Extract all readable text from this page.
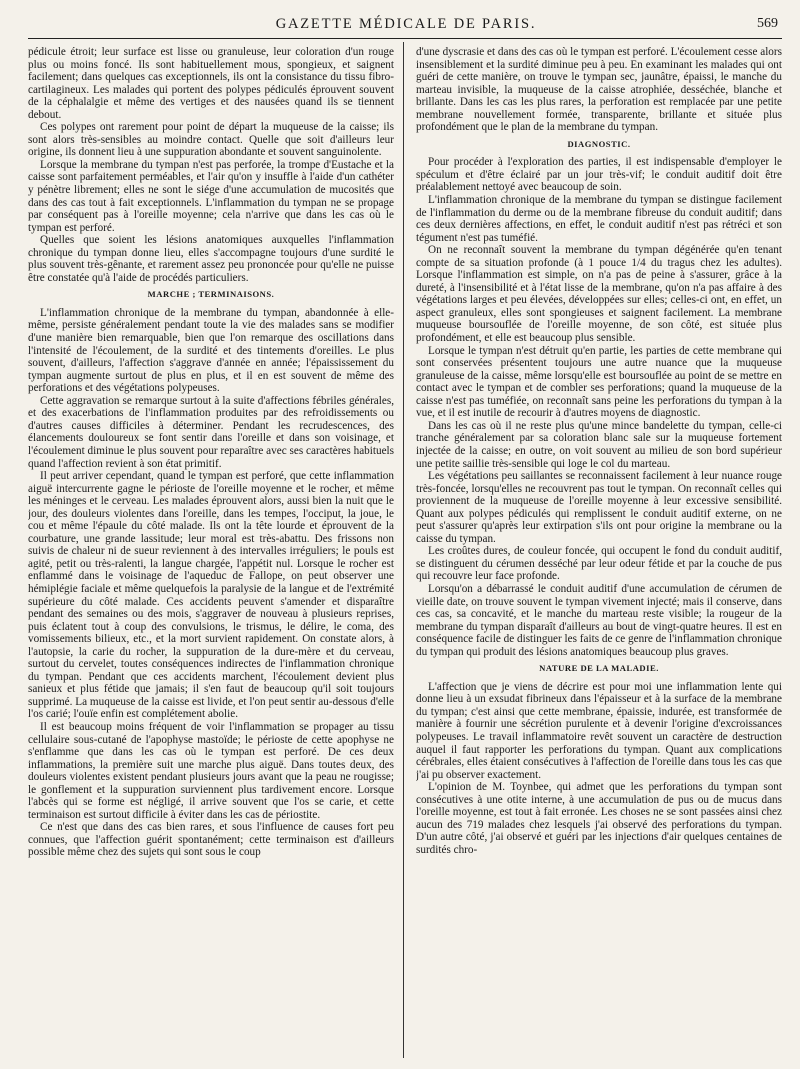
GAZETTE MÉDICALE DE PARIS.	569

pédicule étroit; leur surface est lisse ou granuleuse, leur coloration d'un rouge plus ou moins foncé. Ils sont habituellement mous, spongieux, et saignent facilement; dans quelques cas exceptionnels, ils ont la consistance du tissu fibro-cartilagineux. Les malades qui portent des polypes pédiculés éprouvent souvent de la céphalalgie et même des vertiges et des nausées quand ils se tiennent debout.

Ces polypes ont rarement pour point de départ la muqueuse de la caisse; ils sont alors très-sensibles au moindre contact. Quelle que soit d'ailleurs leur origine, ils donnent lieu à une suppuration abondante et souvent sanguinolente.

Lorsque la membrane du tympan n'est pas perforée, la trompe d'Eustache et la caisse sont parfaitement perméables, et l'air qu'on y insuffle à l'aide d'un cathéter y pénètre librement; elles ne sont le siége d'une accumulation de mucosités que dans des cas tout à fait exceptionnels. L'inflammation du tympan ne se propage par conséquent pas à l'oreille moyenne; cela n'arrive que dans les cas où le tympan est perforé.

Quelles que soient les lésions anatomiques auxquelles l'inflammation chronique du tympan donne lieu, elles s'accompagne toujours d'une surdité le plus souvent très-gênante, et rarement assez peu prononcée pour qu'elle ne puisse être constatée qu'à l'aide de procédés particuliers.

MARCHE ; TERMINAISONS.

L'inflammation chronique de la membrane du tympan, abandonnée à elle-même, persiste généralement pendant toute la vie des malades sans se modifier d'une manière bien remarquable, bien que l'on remarque des oscillations dans l'intensité de l'écoulement, de la surdité et des tintements d'oreilles. Le plus souvent, d'ailleurs, l'affection s'aggrave d'année en année; l'épaississement du tympan augmente surtout de plus en plus, et il en est souvent de même des perforations et des végétations polypeuses.

Cette aggravation se remarque surtout à la suite d'affections fébriles générales, et des exacerbations de l'inflammation produites par des refroidissements ou d'autres causes difficiles à déterminer. Pendant les recrudescences, des élancements douloureux se font sentir dans l'oreille et dans son voisinage, et l'écoulement diminue le plus souvent pour reparaître avec ses caractères habituels quand l'affection revient à son état primitif.

Il peut arriver cependant, quand le tympan est perforé, que cette inflammation aiguë intercurrente gagne le périoste de l'oreille moyenne et le rocher, et même les méninges et le cerveau. Les malades éprouvent alors, aussi bien la nuit que le jour, des douleurs violentes dans l'oreille, dans les tempes, l'occiput, la joue, le cou et même l'épaule du côté malade. Ils ont la tête lourde et éprouvent de la courbature, une grande lassitude; leur moral est très-abattu. Des frissons non suivis de chaleur ni de sueur reviennent à des intervalles irréguliers; le pouls est agité, petit ou très-ralenti, la langue chargée, l'appétit nul. Lorsque le rocher est enflammé dans le voisinage de l'aqueduc de Fallope, on peut observer une hémiplégie faciale et même quelquefois la paralysie de la langue et de l'extrémité supérieure du côté malade. Ces accidents peuvent s'amender et disparaître pendant des semaines ou des mois, s'aggraver de nouveau à plusieurs reprises, puis éclatent tout à coup des convulsions, le trismus, le délire, le coma, des vomissements bilieux, etc., et la mort survient rapidement. On constate alors, à l'autopsie, la carie du rocher, la suppuration de la dure-mère et du cerveau, surtout du cervelet, toutes conséquences indirectes de l'inflammation chronique du tympan. Pendant que ces accidents marchent, l'écoulement devient plus sanieux et plus fétide que jamais; il s'en faut de beaucoup qu'il soit toujours supprimé. La muqueuse de la caisse est livide, et l'on peut sentir au-dessous d'elle l'os carié; l'ouïe enfin est complétement abolie.

Il est beaucoup moins fréquent de voir l'inflammation se propager au tissu cellulaire sous-cutané de l'apophyse mastoïde; le périoste de cette apophyse ne s'enflamme que dans les cas où le tympan est perforé. De ces deux inflammations, la première suit une marche plus aiguë. Dans toutes deux, des douleurs violentes existent pendant plusieurs jours avant que la peau ne rougisse; le gonflement et la suppuration surviennent plus tardivement encore. Lorsque l'abcès qui se forme est négligé, il arrive souvent que l'os se carie, et cette terminaison est surtout difficile à éviter dans les cas de périostite.

Ce n'est que dans des cas bien rares, et sous l'influence de causes fort peu connues, que l'affection guérit spontanément; cette terminaison est d'ailleurs possible même chez des sujets qui sont sous le coup

d'une dyscrasie et dans des cas où le tympan est perforé. L'écoulement cesse alors insensiblement et la surdité diminue peu à peu. En examinant les malades qui ont guéri de cette manière, on trouve le tympan sec, jaunâtre, épaissi, le manche du marteau invisible, la muqueuse de la caisse atrophiée, desséchée, blanche et brillante. Dans les cas les plus rares, la perforation est remplacée par une petite membrane nouvellement formée, transparente, brillante et située plus profondément que le plan de la membrane du tympan.

DIAGNOSTIC.

Pour procéder à l'exploration des parties, il est indispensable d'employer le spéculum et d'être éclairé par un jour très-vif; le conduit auditif doit être préalablement nettoyé avec beaucoup de soin.

L'inflammation chronique de la membrane du tympan se distingue facilement de l'inflammation du derme ou de la membrane fibreuse du conduit auditif; dans ces deux dernières affections, en effet, le conduit auditif n'est pas rétréci et son tégument n'est pas tuméfié.

On ne reconnaît souvent la membrane du tympan dégénérée qu'en tenant compte de sa situation profonde (à 1 pouce 1/4 du tragus chez les adultes). Lorsque l'inflammation est simple, on n'a pas de peine à s'assurer, grâce à la dureté, à l'insensibilité et à l'état lisse de la membrane, qu'on n'a pas affaire à des végétations larges et peu élevées, développées sur elles; celles-ci ont, en effet, un aspect granuleux, elles sont spongieuses et saignent facilement. La membrane muqueuse boursouflée de l'oreille moyenne, de son côté, est située plus profondément, et elle est beaucoup plus sensible.

Lorsque le tympan n'est détruit qu'en partie, les parties de cette membrane qui sont conservées présentent toujours une autre nuance que la muqueuse granuleuse de la caisse, même lorsqu'elle est boursouflée au point de se mettre en contact avec le tympan et de combler ses perforations; quand la muqueuse de la caisse n'est pas tuméfiée, on reconnaît sans peine les perforations du tympan à la vue, et il est inutile de recourir à d'autres moyens de diagnostic.

Dans les cas où il ne reste plus qu'une mince bandelette du tympan, celle-ci tranche généralement par sa coloration blanc sale sur la muqueuse fortement injectée de la caisse; en outre, on voit souvent au milieu de son bord supérieur une petite saillie très-sensible qui loge le col du marteau.

Les végétations peu saillantes se reconnaissent facilement à leur nuance rouge très-foncée, lorsqu'elles ne recouvrent pas tout le tympan. On reconnaît celles qui proviennent de la muqueuse de l'oreille moyenne à leur excessive sensibilité. Quant aux polypes pédiculés qui remplissent le conduit auditif externe, on ne peut s'assurer qu'après leur extirpation s'ils ont pour origine la membrane ou la caisse du tympan.

Les croûtes dures, de couleur foncée, qui occupent le fond du conduit auditif, se distinguent du cérumen desséché par leur odeur fétide et par la couche de pus qui recouvre leur face profonde.

Lorsqu'on a débarrassé le conduit auditif d'une accumulation de cérumen de vieille date, on trouve souvent le tympan vivement injecté; mais il conserve, dans ces cas, sa concavité, et le manche du marteau reste visible; la rougeur de la membrane du tympan disparaît d'ailleurs au bout de vingt-quatre heures. Il est en conséquence facile de distinguer les faits de ce genre de l'inflammation chronique du tympan qui produit des lésions anatomiques beaucoup plus graves.

NATURE DE LA MALADIE.

L'affection que je viens de décrire est pour moi une inflammation lente qui donne lieu à un exsudat fibrineux dans l'épaisseur et à la surface de la membrane du tympan; c'est ainsi que cette membrane, épaissie, indurée, est transformée de manière à fournir une sécrétion purulente et à devenir l'origine d'excroissances polypeuses. Le travail inflammatoire revêt souvent un caractère de destruction auquel il faut rapporter les perforations du tympan. Quant aux complications cérébrales, elles étaient consécutives à l'affection de l'oreille dans tous les cas que j'ai pu observer exactement.

L'opinion de M. Toynbee, qui admet que les perforations du tympan sont consécutives à une otite interne, à une accumulation de pus ou de mucus dans l'oreille moyenne, est tout à fait erronée. Les choses ne se sont passées ainsi chez aucun des 719 malades chez lesquels j'ai observé des perforations du tympan. D'un autre côté, j'ai observé et guéri par les injections d'air quelques centaines de surdités chro-
